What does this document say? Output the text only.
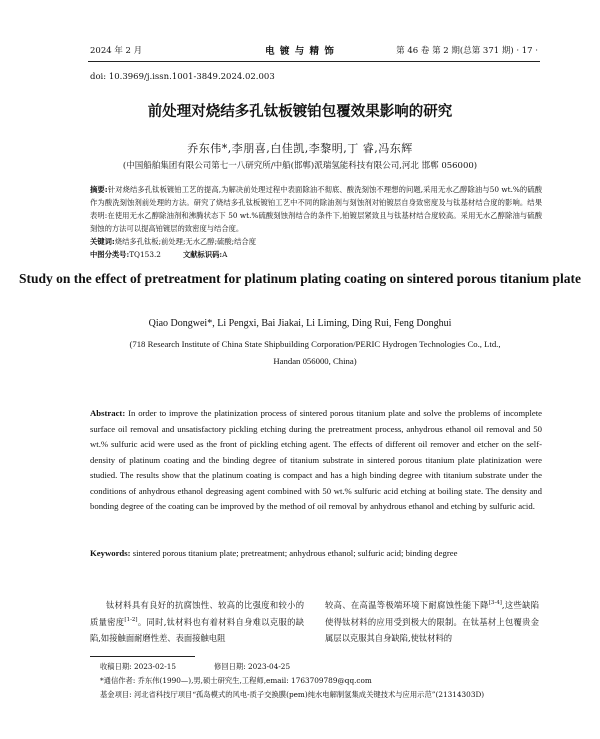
2024 年 2 月	电 镀 与 精 饰	第 46 卷 第 2 期(总第 371 期) · 17 ·
doi: 10.3969/j.issn.1001-3849.2024.02.003
前处理对烧结多孔钛板镀铂包覆效果影响的研究
乔东伟*,李朋喜,白佳凯,李黎明,丁 睿,冯东辉
(中国船舶集团有限公司第七一八研究所/中船(邯郸)派瑞氢能科技有限公司,河北 邯郸 056000)
摘要:针对烧结多孔钛板镀铂工艺的提高,为解决前处理过程中表面除油不彻底、酸洗刻蚀不理想的问题,采用无水乙醇除油与50 wt.%的硫酸作为酸洗刻蚀剂前处理的方法。研究了烧结多孔钛板镀铂工艺中不同的除油剂与刻蚀剂对铂镀层自身致密度及与钛基材结合度的影响。结果表明:在使用无水乙醇除油剂和沸腾状态下 50 wt.%硫酸刻蚀剂结合的条件下,铂镀层紧致且与钛基材结合度较高。采用无水乙醇除油与硫酸刻蚀的方法可以提高铂镀层的致密度与结合度。
关键词:烧结多孔钛板;前处理;无水乙醇;硫酸;结合度
中图分类号:TQ153.2	文献标识码:A
Study on the effect of pretreatment for platinum plating coating on sintered porous titanium plate
Qiao Dongwei*, Li Pengxi, Bai Jiakai, Li Liming, Ding Rui, Feng Donghui
(718 Research Institute of China State Shipbuilding Corporation/PERIC Hydrogen Technologies Co., Ltd., Handan 056000, China)
Abstract: In order to improve the platinization process of sintered porous titanium plate and solve the problems of incomplete surface oil removal and unsatisfactory pickling etching during the pretreatment process, anhydrous ethanol oil removal and 50 wt.% sulfuric acid were used as the front of pickling etching agent. The effects of different oil remover and etcher on the self-density of platinum coating and the binding degree of titanium substrate in sintered porous titanium plate platinization were studied. The results show that the platinum coating is compact and has a high binding degree with titanium substrate under the conditions of anhydrous ethanol degreasing agent combined with 50 wt.% sulfuric acid etching at boiling state. The density and bonding degree of the coating can be improved by the method of oil removal by anhydrous ethanol and etching by sulfuric acid.
Keywords: sintered porous titanium plate; pretreatment; anhydrous ethanol; sulfuric acid; binding degree
钛材料具有良好的抗腐蚀性、较高的比强度和较小的质量密度[1-2]。同时,钛材料也有着材料自身难以克服的缺陷,如接触面耐磨性差、表面接触电阻
较高、在高温等极端环境下耐腐蚀性能下降[3-4],这些缺陷使得钛材料的应用受到极大的限制。在钛基材上包覆贵金属层以克服其自身缺陷,使钛材料的
收稿日期: 2023-02-15	修回日期: 2023-04-25
*通信作者: 乔东伟(1990—),男,硕士研究生,工程师,email: 1763709789@qq.com
基金项目: 河北省科技厅项目“孤岛模式的风电-质子交换膜(pem)纯水电解制氢集成关键技术与应用示范”(21314303D)
